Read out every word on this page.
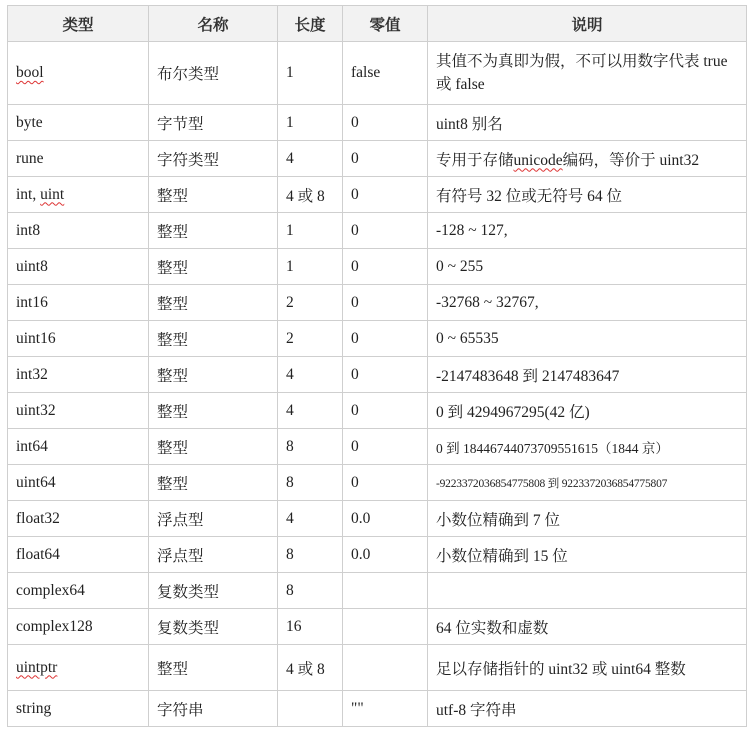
类型	名称	长度	零值	说明
bool	布尔类型	1	false	其值不为真即为假，不可以用数字代表 true 或 false
byte	字节型	1	0	uint8 别名
rune	字符类型	4	0	专用于存储unicode编码，等价于 uint32
int, uint	整型	4 或 8	0	有符号 32 位或无符号 64 位
int8	整型	1	0	-128 ~ 127,
uint8	整型	1	0	0 ~ 255
int16	整型	2	0	-32768 ~ 32767,
uint16	整型	2	0	0 ~ 65535
int32	整型	4	0	-2147483648 到 2147483647
uint32	整型	4	0	0 到 4294967295(42 亿)
int64	整型	8	0	0 到 18446744073709551615（1844 京）
uint64	整型	8	0	-9223372036854775808 到 9223372036854775807
float32	浮点型	4	0.0	小数位精确到 7 位
float64	浮点型	8	0.0	小数位精确到 15 位
complex64	复数类型	8		
complex128	复数类型	16		64 位实数和虚数
uintptr	整型	4 或 8		足以存储指针的 uint32 或 uint64 整数
string	字符串		""	utf-8 字符串
